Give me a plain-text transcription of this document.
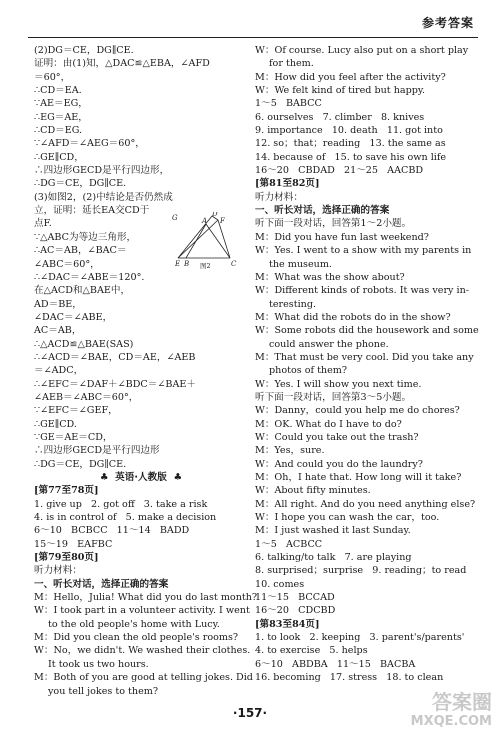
参考答案
(2)DG＝CE，DG∥CE.
证明：由(1)知，△DAC≌△EBA，∠AFD
＝60°，
∴CD＝EA.
∵AE＝EG，
∴EG＝AE，
∴CD＝EG.
∵∠AFD＝∠AEG＝60°，
∴GE∥CD，
∴四边形GECD是平行四边形，
∴DG＝CE，DG∥CE.
(3)如图2，(2)中结论是否仍然成
立，证明：延长EA交CD于
点F.
∵△ABC为等边三角形，
∴AC＝AB，∠BAC＝
∠ABC＝60°，
∴∠DAC＝∠ABE＝120°.
在△ACD和△BAE中，
AD＝BE，
∠DAC＝∠ABE，
AC＝AB，
∴△ACD≌△BAE(SAS)
∴∠ACD＝∠BAE，CD＝AE，∠AEB
＝∠ADC，
∴∠EFC＝∠DAF＋∠BDC＝∠BAE＋
∠AEB＝∠ABC＝60°，
∵∠EFC＝∠GEF，
∴GE∥CD.
∵GE＝AE＝CD，
∴四边形GECD是平行四边形
∴DG＝CE，DG∥CE.
♣  英语·人教版  ♣
[第77至78页]
1. give up   2. got off   3. take a risk
4. is in control of   5. make a decision
6～10   BCBCC   11～14   BADD
15～19   EAFBC
[第79至80页]
听力材料：
一、听长对话，选择正确的答案
M：Hello，Julia! What did you do last month?
W：I took part in a volunteer activity. I went
to the old people's home with Lucy.
M：Did you clean the old people's rooms?
W：No，we didn't. We washed their clothes.
It took us two hours.
M：Both of you are good at telling jokes. Did
you tell jokes to them?
W：Of course. Lucy also put on a short play
for them.
M：How did you feel after the activity?
W：We felt kind of tired but happy.
1～5   BABCC
6. ourselves   7. climber   8. knives
9. importance   10. death   11. got into
12. so；that；reading   13. the same as
14. because of   15. to save his own life
16～20   CBDAD   21～25   AACBD
[第81至82页]
听力材料：
一、听长对话，选择正确的答案
听下面一段对话，回答第1～2小题。
M：Did you have fun last weekend?
W：Yes. I went to a show with my parents in
the museum.
M：What was the show about?
W：Different kinds of robots. It was very in-
teresting.
M：What did the robots do in the show?
W：Some robots did the housework and some
could answer the phone.
M：That must be very cool. Did you take any
photos of them?
W：Yes. I will show you next time.
听下面一段对话，回答第3～5小题。
W：Danny，could you help me do chores?
M：OK. What do I have to do?
W：Could you take out the trash?
M：Yes，sure.
W：And could you do the laundry?
M：Oh，I hate that. How long will it take?
W：About fifty minutes.
M：All right. And do you need anything else?
W：I hope you can wash the car，too.
M：I just washed it last Sunday.
1～5   ACBCC
6. talking/to talk   7. are playing
8. surprised；surprise   9. reading；to read
10. comes
11～15   BCCAD
16～20   CDCBD
[第83至84页]
1. to look   2. keeping   3. parent's/parents'
4. to exercise   5. helps
6～10   ABDBA   11～15   BACBA
16. becoming   17. stress   18. to clean
G	A
D
F
E B	C
图2
·157·	答案圈
MXQE.COM
